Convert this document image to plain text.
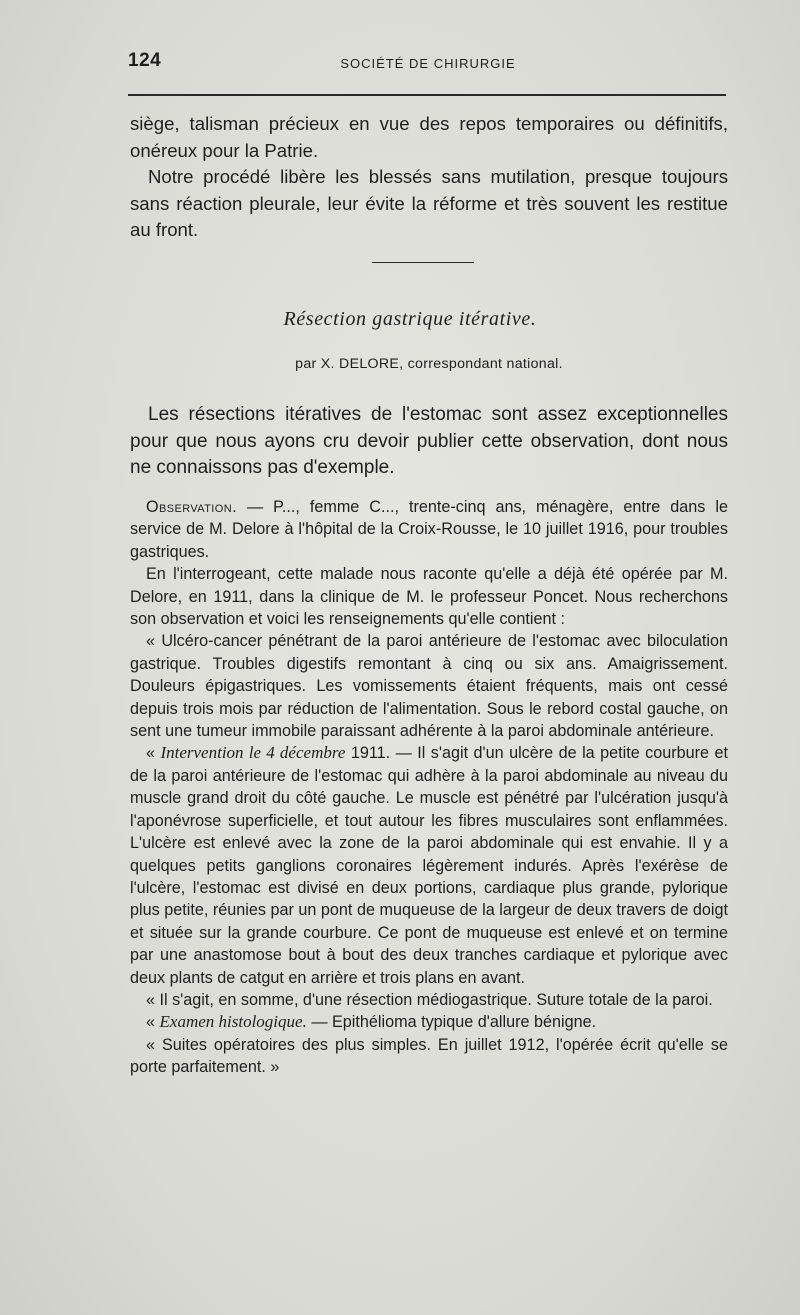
124	SOCIÉTÉ DE CHIRURGIE

siège, talisman précieux en vue des repos temporaires ou définitifs, onéreux pour la Patrie.

Notre procédé libère les blessés sans mutilation, presque toujours sans réaction pleurale, leur évite la réforme et très souvent les restitue au front.

Résection gastrique itérative.
par X. DELORE, correspondant national.

Les résections itératives de l'estomac sont assez exceptionnelles pour que nous ayons cru devoir publier cette observation, dont nous ne connaissons pas d'exemple.

Observation. — P..., femme C..., trente-cinq ans, ménagère, entre dans le service de M. Delore à l'hôpital de la Croix-Rousse, le 10 juillet 1916, pour troubles gastriques.

En l'interrogeant, cette malade nous raconte qu'elle a déjà été opérée par M. Delore, en 1911, dans la clinique de M. le professeur Poncet. Nous recherchons son observation et voici les renseignements qu'elle contient :

« Ulcéro-cancer pénétrant de la paroi antérieure de l'estomac avec biloculation gastrique. Troubles digestifs remontant à cinq ou six ans. Amaigrissement. Douleurs épigastriques. Les vomissements étaient fréquents, mais ont cessé depuis trois mois par réduction de l'alimentation. Sous le rebord costal gauche, on sent une tumeur immobile paraissant adhérente à la paroi abdominale antérieure.

« Intervention le 4 décembre 1911. — Il s'agit d'un ulcère de la petite courbure et de la paroi antérieure de l'estomac qui adhère à la paroi abdominale au niveau du muscle grand droit du côté gauche. Le muscle est pénétré par l'ulcération jusqu'à l'aponévrose superficielle, et tout autour les fibres musculaires sont enflammées. L'ulcère est enlevé avec la zone de la paroi abdominale qui est envahie. Il y a quelques petits ganglions coronaires légèrement indurés. Après l'exérèse de l'ulcère, l'estomac est divisé en deux portions, cardiaque plus grande, pylorique plus petite, réunies par un pont de muqueuse de la largeur de deux travers de doigt et située sur la grande courbure. Ce pont de muqueuse est enlevé et on termine par une anastomose bout à bout des deux tranches cardiaque et pylorique avec deux plants de catgut en arrière et trois plans en avant.

« Il s'agit, en somme, d'une résection médiogastrique. Suture totale de la paroi.

« Examen histologique. — Epithélioma typique d'allure bénigne.

« Suites opératoires des plus simples. En juillet 1912, l'opérée écrit qu'elle se porte parfaitement. »
